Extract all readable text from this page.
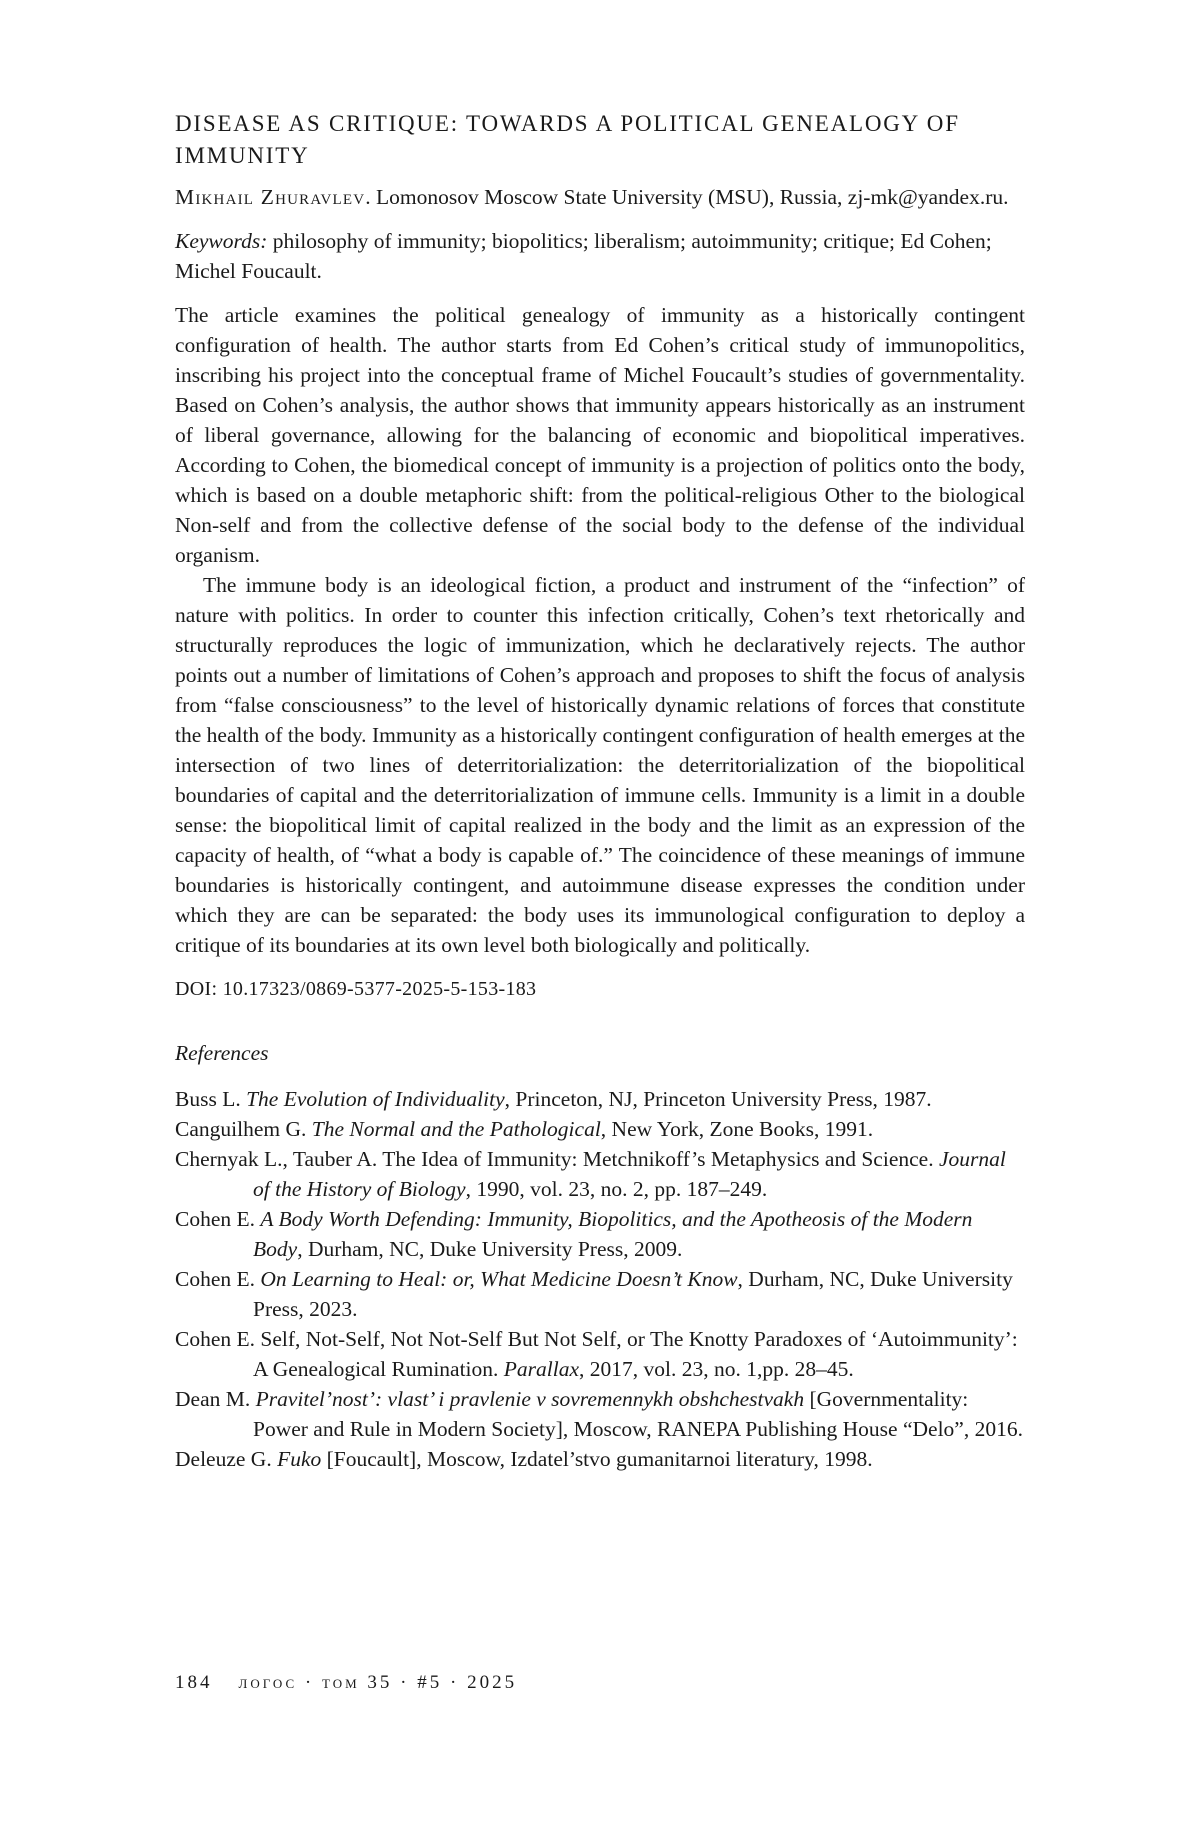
DISEASE AS CRITIQUE: TOWARDS A POLITICAL GENEALOGY OF IMMUNITY

Mikhail Zhuravlev. Lomonosov Moscow State University (MSU), Russia, zj-mk@yandex.ru.

Keywords: philosophy of immunity; biopolitics; liberalism; autoimmunity; critique; Ed Cohen; Michel Foucault.

The article examines the political genealogy of immunity as a historically contingent configuration of health. The author starts from Ed Cohen’s critical study of immunopolitics, inscribing his project into the conceptual frame of Michel Foucault’s studies of governmentality. Based on Cohen’s analysis, the author shows that immunity appears historically as an instrument of liberal governance, allowing for the balancing of economic and biopolitical imperatives. According to Cohen, the biomedical concept of immunity is a projection of politics onto the body, which is based on a double metaphoric shift: from the political-religious Other to the biological Non-self and from the collective defense of the social body to the defense of the individual organism.

The immune body is an ideological fiction, a product and instrument of the “infection” of nature with politics. In order to counter this infection critically, Cohen’s text rhetorically and structurally reproduces the logic of immunization, which he declaratively rejects. The author points out a number of limitations of Cohen’s approach and proposes to shift the focus of analysis from “false consciousness” to the level of historically dynamic relations of forces that constitute the health of the body. Immunity as a historically contingent configuration of health emerges at the intersection of two lines of deterritorialization: the deterritorialization of the biopolitical boundaries of capital and the deterritorialization of immune cells. Immunity is a limit in a double sense: the biopolitical limit of capital realized in the body and the limit as an expression of the capacity of health, of “what a body is capable of.” The coincidence of these meanings of immune boundaries is historically contingent, and autoimmune disease expresses the condition under which they are can be separated: the body uses its immunological configuration to deploy a critique of its boundaries at its own level both biologically and politically.

DOI: 10.17323/0869-5377-2025-5-153-183

References

Buss L. The Evolution of Individuality, Princeton, NJ, Princeton University Press, 1987.

Canguilhem G. The Normal and the Pathological, New York, Zone Books, 1991.

Chernyak L., Tauber A. The Idea of Immunity: Metchnikoff’s Metaphysics and Science. Journal of the History of Biology, 1990, vol. 23, no. 2, pp. 187–249.

Cohen E. A Body Worth Defending: Immunity, Biopolitics, and the Apotheosis of the Modern Body, Durham, NC, Duke University Press, 2009.

Cohen E. On Learning to Heal: or, What Medicine Doesn’t Know, Durham, NC, Duke University Press, 2023.

Cohen E. Self, Not-Self, Not Not-Self But Not Self, or The Knotty Paradoxes of ‘Autoimmunity’: A Genealogical Rumination. Parallax, 2017, vol. 23, no. 1,pp. 28–45.

Dean M. Pravitel’nost’: vlast’ i pravlenie v sovremennykh obshchestvakh [Governmentality: Power and Rule in Modern Society], Moscow, RANEPA Publishing House “Delo”, 2016.

Deleuze G. Fuko [Foucault], Moscow, Izdatel’stvo gumanitarnoi literatury, 1998.

184 логос · том 35 · #5 · 2025
